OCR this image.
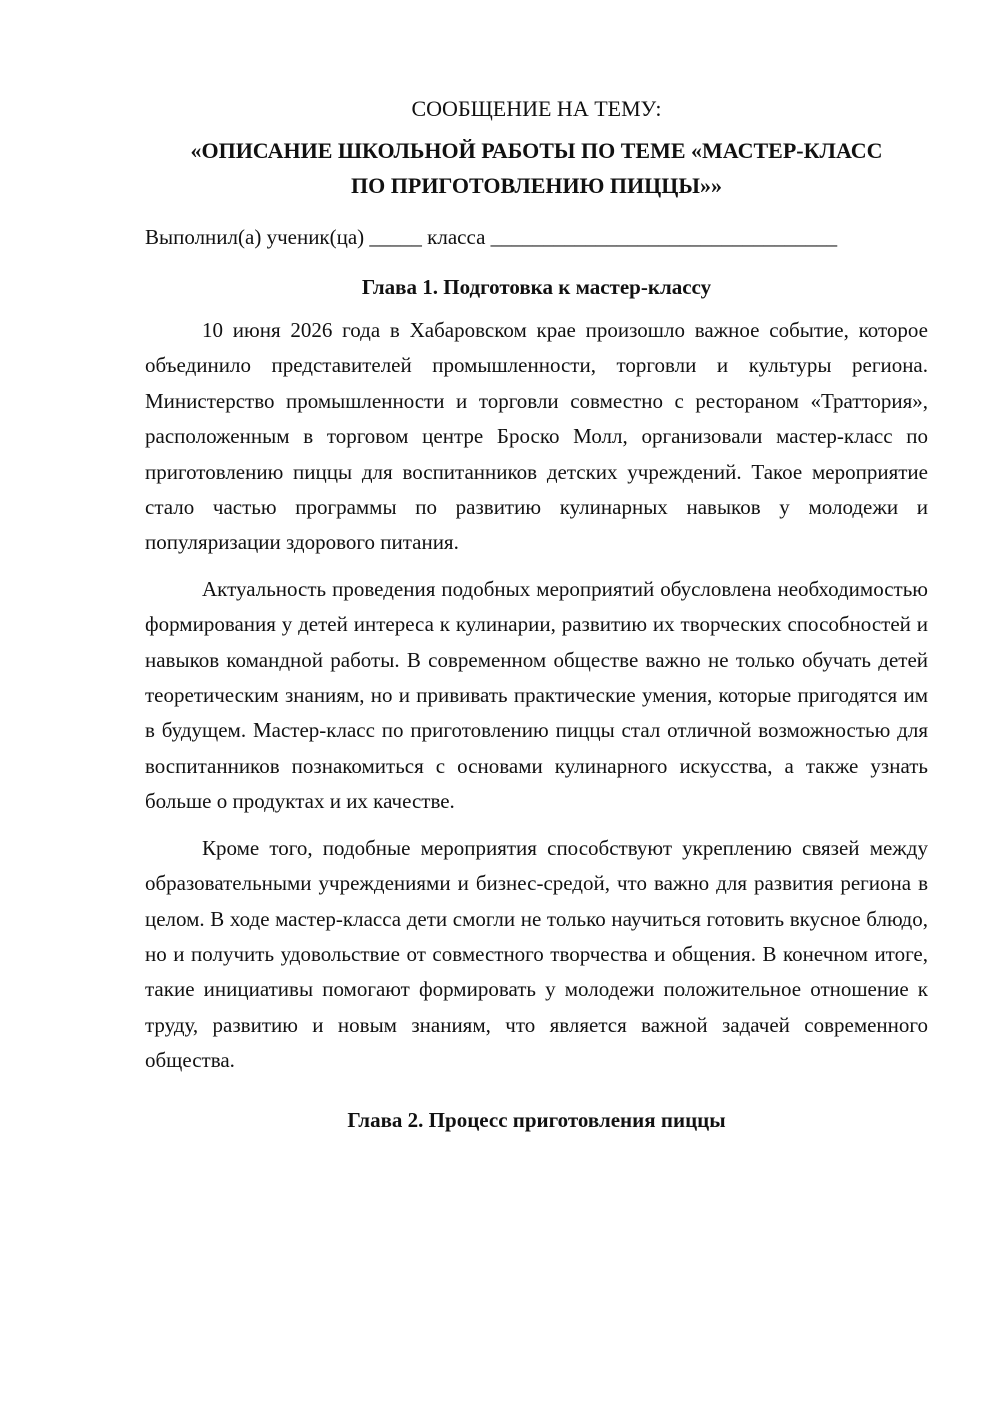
СООБЩЕНИЕ НА ТЕМУ:

«ОПИСАНИЕ ШКОЛЬНОЙ РАБОТЫ ПО ТЕМЕ «МАСТЕР-КЛАСС

ПО ПРИГОТОВЛЕНИЮ ПИЦЦЫ»»

Выполнил(а) ученик(ца) _____ класса _________________________________
Глава 1. Подготовка к мастер-классу

10 июня 2026 года в Хабаровском крае произошло важное событие, которое объединило представителей промышленности, торговли и культуры региона. Министерство промышленности и торговли совместно с рестораном «Траттория», расположенным в торговом центре Броско Молл, организовали мастер-класс по приготовлению пиццы для воспитанников детских учреждений. Такое мероприятие стало частью программы по развитию кулинарных навыков у молодежи и популяризации здорового питания.

Актуальность проведения подобных мероприятий обусловлена необходимостью формирования у детей интереса к кулинарии, развитию их творческих способностей и навыков командной работы. В современном обществе важно не только обучать детей теоретическим знаниям, но и прививать практические умения, которые пригодятся им в будущем. Мастер-класс по приготовлению пиццы стал отличной возможностью для воспитанников познакомиться с основами кулинарного искусства, а также узнать больше о продуктах и их качестве.

Кроме того, подобные мероприятия способствуют укреплению связей между образовательными учреждениями и бизнес-средой, что важно для развития региона в целом. В ходе мастер-класса дети смогли не только научиться готовить вкусное блюдо, но и получить удовольствие от совместного творчества и общения. В конечном итоге, такие инициативы помогают формировать у молодежи положительное отношение к труду, развитию и новым знаниям, что является важной задачей современного общества.

Глава 2. Процесс приготовления пиццы
